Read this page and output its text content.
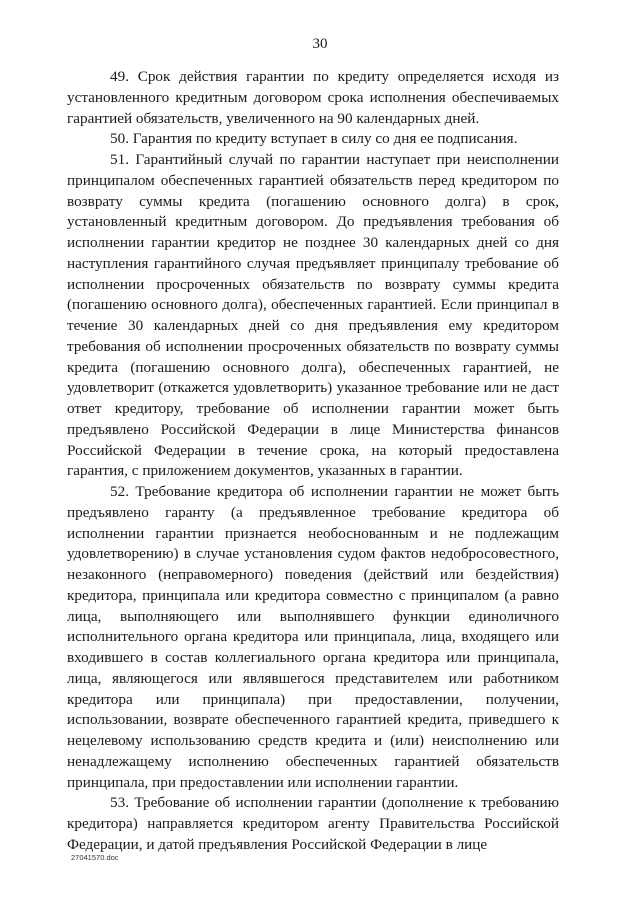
30

49. Срок действия гарантии по кредиту определяется исходя из установленного кредитным договором срока исполнения обеспечиваемых гарантией обязательств, увеличенного на 90 календарных дней.

50. Гарантия по кредиту вступает в силу со дня ее подписания.

51. Гарантийный случай по гарантии наступает при неисполнении принципалом обеспеченных гарантией обязательств перед кредитором по возврату суммы кредита (погашению основного долга) в срок, установленный кредитным договором. До предъявления требования об исполнении гарантии кредитор не позднее 30 календарных дней со дня наступления гарантийного случая предъявляет принципалу требование об исполнении просроченных обязательств по возврату суммы кредита (погашению основного долга), обеспеченных гарантией. Если принципал в течение 30 календарных дней со дня предъявления ему кредитором требования об исполнении просроченных обязательств по возврату суммы кредита (погашению основного долга), обеспеченных гарантией, не удовлетворит (откажется удовлетворить) указанное требование или не даст ответ кредитору, требование об исполнении гарантии может быть предъявлено Российской Федерации в лице Министерства финансов Российской Федерации в течение срока, на который предоставлена гарантия, с приложением документов, указанных в гарантии.

52. Требование кредитора об исполнении гарантии не может быть предъявлено гаранту (а предъявленное требование кредитора об исполнении гарантии признается необоснованным и не подлежащим удовлетворению) в случае установления судом фактов недобросовестного, незаконного (неправомерного) поведения (действий или бездействия) кредитора, принципала или кредитора совместно с принципалом (а равно лица, выполняющего или выполнявшего функции единоличного исполнительного органа кредитора или принципала, лица, входящего или входившего в состав коллегиального органа кредитора или принципала, лица, являющегося или являвшегося представителем или работником кредитора или принципала) при предоставлении, получении, использовании, возврате обеспеченного гарантией кредита, приведшего к нецелевому использованию средств кредита и (или) неисполнению или ненадлежащему исполнению обеспеченных гарантией обязательств принципала, при предоставлении или исполнении гарантии.

53. Требование об исполнении гарантии (дополнение к требованию кредитора) направляется кредитором агенту Правительства Российской Федерации, и датой предъявления Российской Федерации в лице

27041570.doc
